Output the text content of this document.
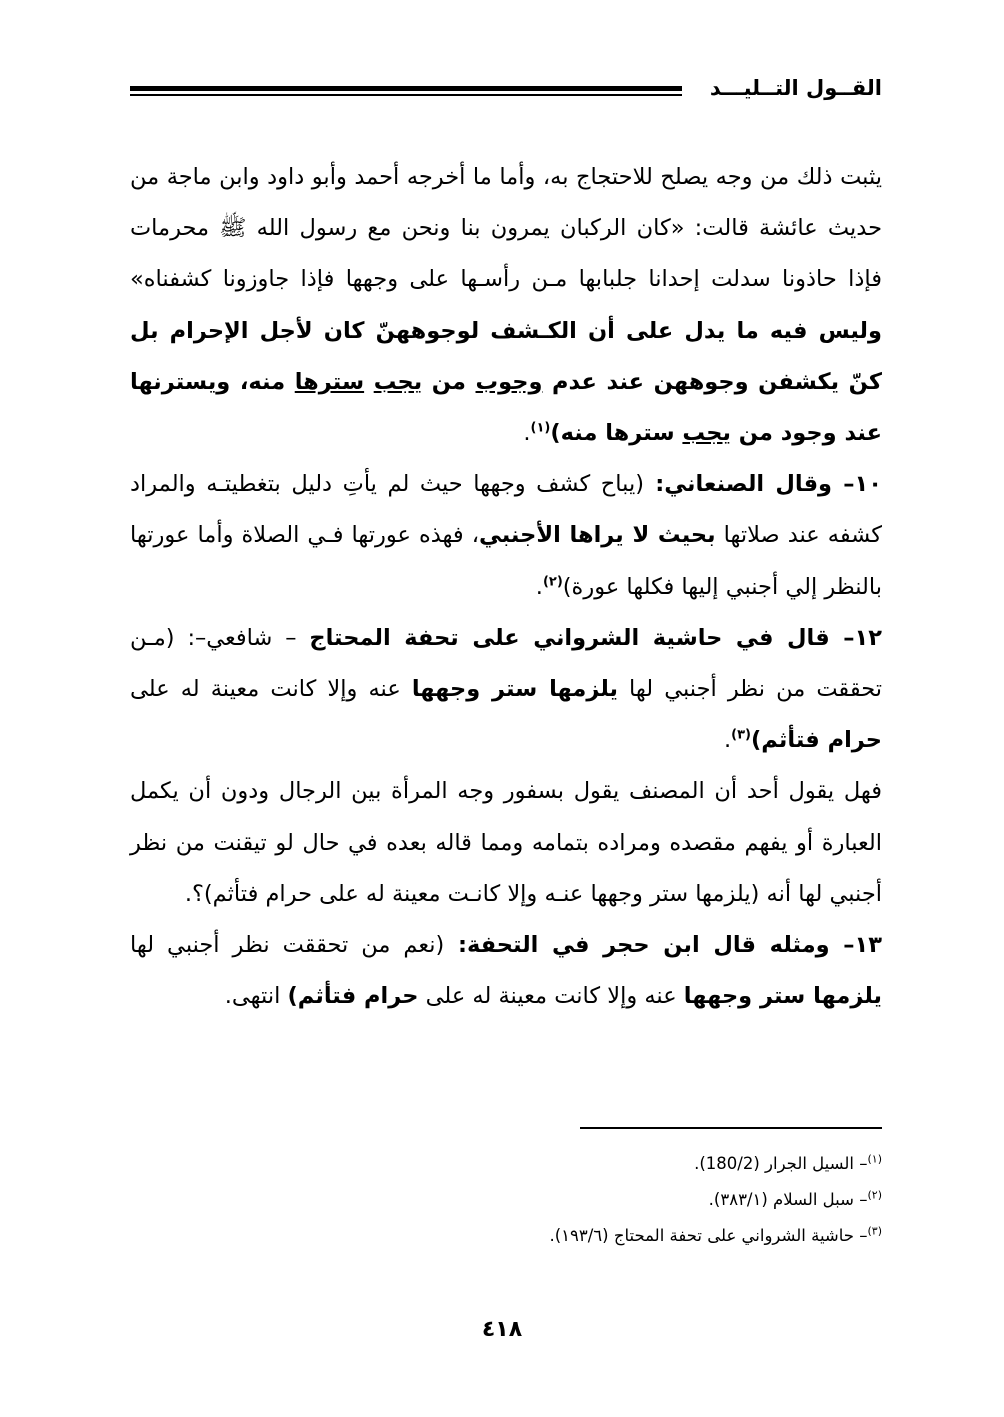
القــول التــليـــد

يثبت ذلك من وجه يصلح للاحتجاج به، وأما ما أخرجه أحمد وأبو داود وابن ماجة من حديث عائشة قالت: «كان الركبان يمرون بنا ونحن مع رسول الله ﷺ محرمات فإذا حاذونا سدلت إحدانا جلبابها مـن رأسـها على وجهها فإذا جاوزونا كشفناه» وليس فيه ما يدل على أن الكـشف لوجوههنّ كان لأجل الإحرام بل كنّ يكشفن وجوههن عند عدم وجوب من يجب سترها منه، ويسترنها عند وجود من يجب سترها منه)$^{(١)}$.

١٠– وقال الصنعاني: (يباح كشف وجهها حيث لم يأتِ دليل بتغطيتـه والمراد كشفه عند صلاتها بحيث لا يراها الأجنبي، فهذه عورتها فـي الصلاة وأما عورتها بالنظر إلي أجنبي إليها فكلها عورة)$^{(٢)}$.

١٢– قال في حاشية الشرواني على تحفة المحتاج – شافعي–: (مـن تحققت من نظر أجنبي لها يلزمها ستر وجهها عنه وإلا كانت معينة له على حرام فتأثم)$^{(٣)}$.

فهل يقول أحد أن المصنف يقول بسفور وجه المرأة بين الرجال ودون أن يكمل العبارة أو يفهم مقصده ومراده بتمامه ومما قاله بعده في حال لو تيقنت من نظر أجنبي لها أنه (يلزمها ستر وجهها عنـه وإلا كانـت معينة له على حرام فتأثم)؟.

١٣– ومثله قال ابن حجر في التحفة: (نعم من تحققت نظر أجنبي لها يلزمها ستر وجهها عنه وإلا كانت معينة له على حرام فتأثم) انتهى.

$^{(١)}$– السيل الجرار (180/2).
$^{(٢)}$– سبل السلام (٣٨٣/١).
$^{(٣)}$– حاشية الشرواني على تحفة المحتاج (١٩٣/٦).
٤١٨
